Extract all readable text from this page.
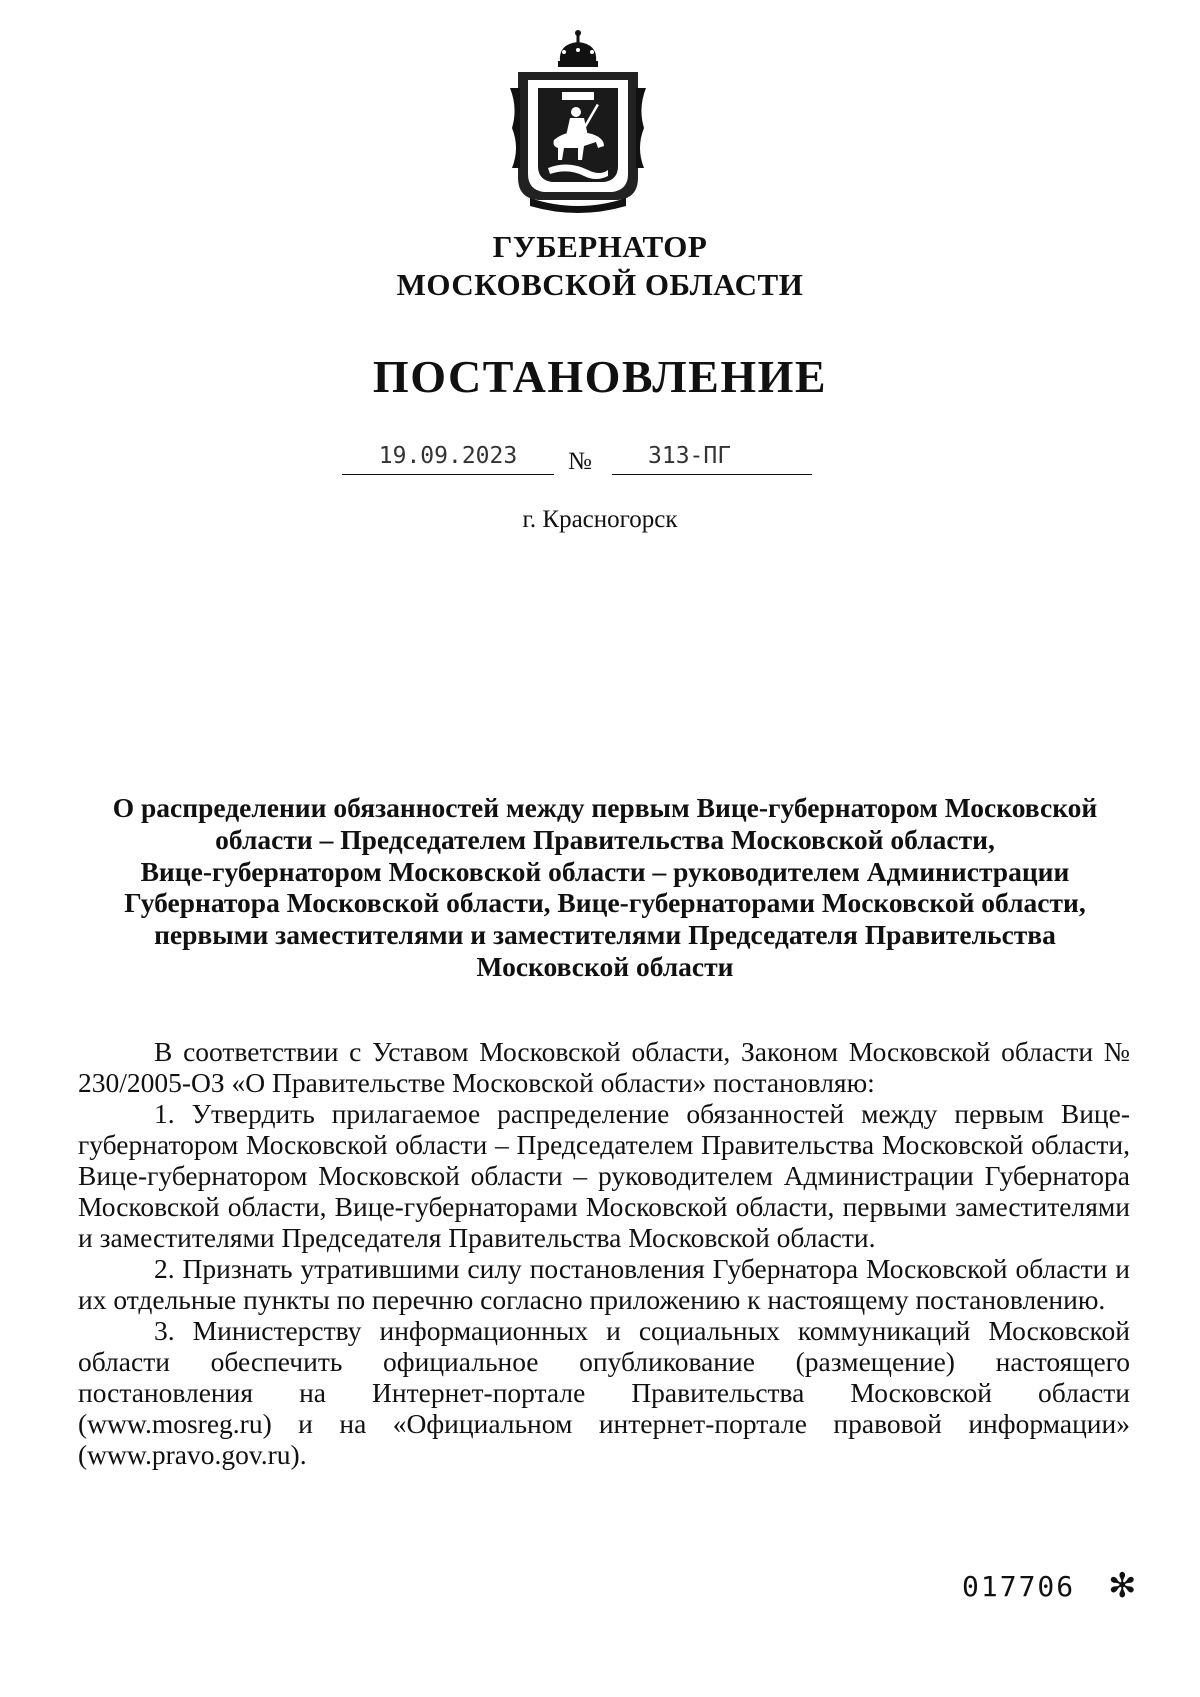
ГУБЕРНАТОР
МОСКОВСКОЙ ОБЛАСТИ
ПОСТАНОВЛЕНИЕ
19.09.2023	№	313-ПГ
г. Красногорск
О распределении обязанностей между первым Вице-губернатором Московской
области – Председателем Правительства Московской области,
Вице-губернатором Московской области – руководителем Администрации
Губернатора Московской области, Вице-губернаторами Московской области,
первыми заместителями и заместителями Председателя Правительства
Московской области

В соответствии с Уставом Московской области, Законом Московской области № 230/2005-ОЗ «О Правительстве Московской области» постановляю:

1. Утвердить прилагаемое распределение обязанностей между первым Вице-губернатором Московской области – Председателем Правительства Московской области, Вице-губернатором Московской области – руководителем Администрации Губернатора Московской области, Вице-губернаторами Московской области, первыми заместителями и заместителями Председателя Правительства Московской области.

2. Признать утратившими силу постановления Губернатора Московской области и их отдельные пункты по перечню согласно приложению к настоящему постановлению.

3. Министерству информационных и социальных коммуникаций Московской области обеспечить официальное опубликование (размещение) настоящего постановления на Интернет-портале Правительства Московской области (www.mosreg.ru) и на «Официальном интернет-портале правовой информации» (www.pravo.gov.ru).

017706 ✻
